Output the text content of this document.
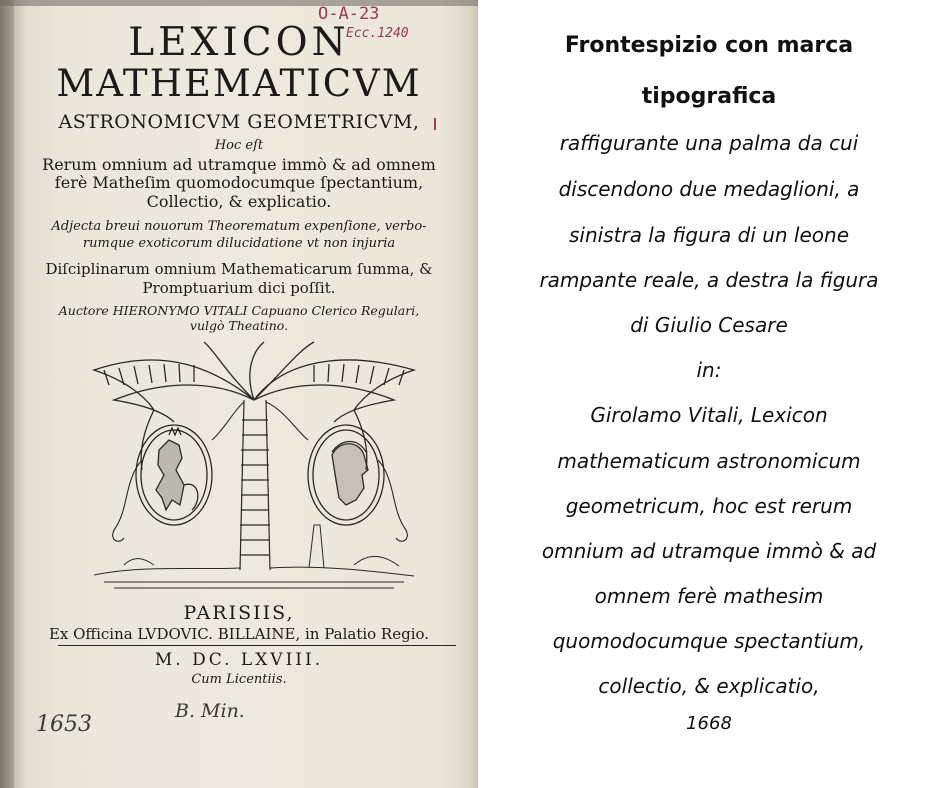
LEXICON
MATHEMATICVM
ASTRONOMICVM GEOMETRICVM,
Hoc eſt
Rerum omnium ad utramque immò & ad omnem
ferè Matheſim quomodocumque ſpectantium,
Collectio, & explicatio.
Adjecta breui nouorum Theorematum expenſione, verbo-
rumque exoticorum dilucidatione vt non injuria
Diſciplinarum omnium Mathematicarum ſumma, &
Promptuarium dici poſſit.
Auctore HIERONYMO VITALI Capuano Clerico Regulari,
vulgò Theatino.
PARISIIS,
Ex Officina LVDOVIC. BILLAINE, in Palatio Regio.
M. DC. LXVIII.
Cum Licentiis.
O-A-23
Ecc.1240
1653
B. Min.
Frontespizio con marca
tipografica
raffigurante una palma da cui
discendono due medaglioni, a
sinistra la figura di un leone
rampante reale, a destra la figura
di Giulio Cesare
in:
Girolamo Vitali, Lexicon
mathematicum astronomicum
geometricum, hoc est rerum
omnium ad utramque immò & ad
omnem ferè mathesim
quomodocumque spectantium,
collectio, & explicatio,
1668
